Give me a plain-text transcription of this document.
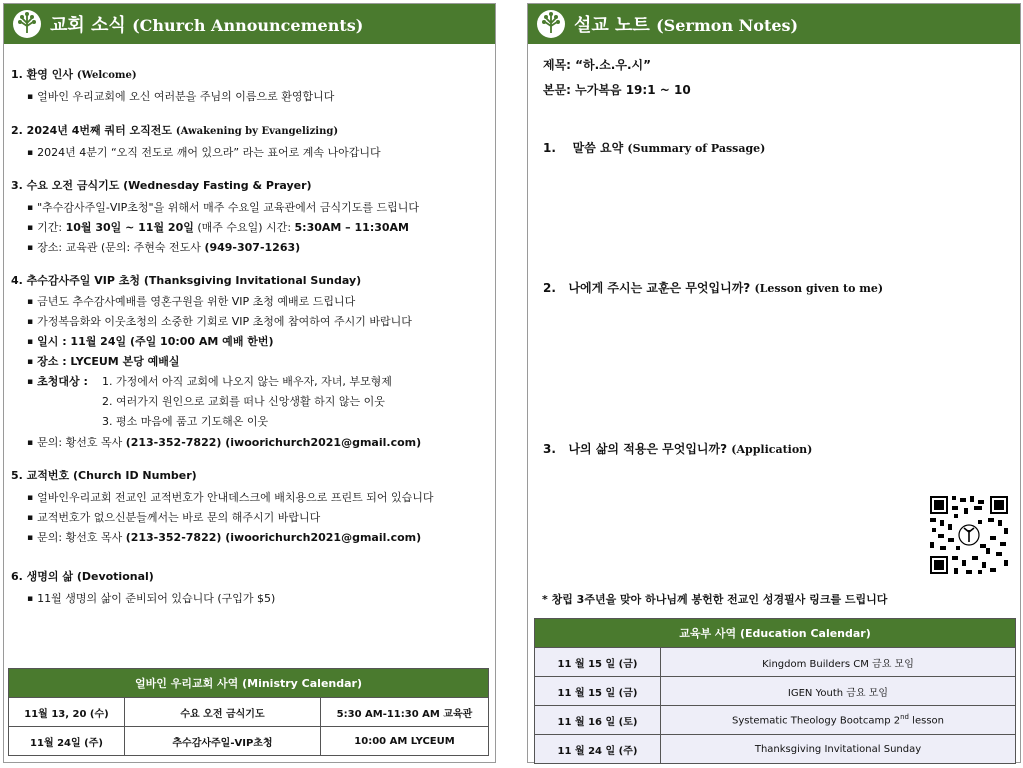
교회 소식 (Church Announcements)
1. 환영 인사 (Welcome)
▪ 얼바인 우리교회에 오신 여러분을 주님의 이름으로 환영합니다
2. 2024년 4번째 쿼터 오직전도 (Awakening by Evangelizing)
▪ 2024년 4분기 “오직 전도로 깨어 있으라” 라는 표어로 계속 나아갑니다
3. 수요 오전 금식기도 (Wednesday Fasting & Prayer)
▪ "추수감사주일-VIP초청"을 위해서 매주 수요일 교육관에서 금식기도를 드립니다
▪ 기간: 10월 30일 ~ 11월 20일 (매주 수요일) 시간: 5:30AM – 11:30AM
▪ 장소: 교육관 (문의: 주현숙 전도사 (949-307-1263)
4. 추수감사주일 VIP 초청 (Thanksgiving Invitational Sunday)
▪ 금년도 추수감사예배를 영혼구원을 위한 VIP 초청 예배로 드립니다
▪ 가정복음화와 이웃초청의 소중한 기회로 VIP 초청에 참여하여 주시기 바랍니다
▪ 일시 : 11월 24일 (주일 10:00 AM 예배 한번)
▪ 장소 : LYCEUM 본당 예배실
▪ 초청대상 : 1. 가정에서 아직 교회에 나오지 않는 배우자, 자녀, 부모형제
2. 여러가지 원인으로 교회를 떠나 신앙생활 하지 않는 이웃
3. 평소 마음에 품고 기도해온 이웃
▪ 문의: 황선호 목사 (213-352-7822) (iwoorichurch2021@gmail.com)
5. 교적번호 (Church ID Number)
▪ 얼바인우리교회 전교인 교적번호가 안내데스크에 배치용으로 프린트 되어 있습니다
▪ 교적번호가 없으신분들께서는 바로 문의 해주시기 바랍니다
▪ 문의: 황선호 목사 (213-352-7822) (iwoorichurch2021@gmail.com)
6. 생명의 삶 (Devotional)
▪ 11월 생명의 삶이 준비되어 있습니다 (구입가 $5)
얼바인 우리교회 사역 (Ministry Calendar)		
11월 13, 20 (수)	수요 오전 금식기도	5:30 AM-11:30 AM 교육관
11월 24일 (주)	추수감사주일-VIP초청	10:00 AM LYCEUM
설교 노트 (Sermon Notes)
제목: “하.소.우.시”
본문: 누가복음 19:1 ~ 10
1. 말씀 요약 (Summary of Passage)
2. 나에게 주시는 교훈은 무엇입니까? (Lesson given to me)
3. 나의 삶의 적용은 무엇입니까? (Application)
* 창립 3주년을 맞아 하나님께 봉헌한 전교인 성경필사 링크를 드립니다
교육부 사역 (Education Calendar)	
11 월 15 일 (금)	Kingdom Builders CM 금요 모임
11 월 15 일 (금)	IGEN Youth 금요 모임
11 월 16 일 (토)	Systematic Theology Bootcamp 2nd lesson
11 월 24 일 (주)	Thanksgiving Invitational Sunday
